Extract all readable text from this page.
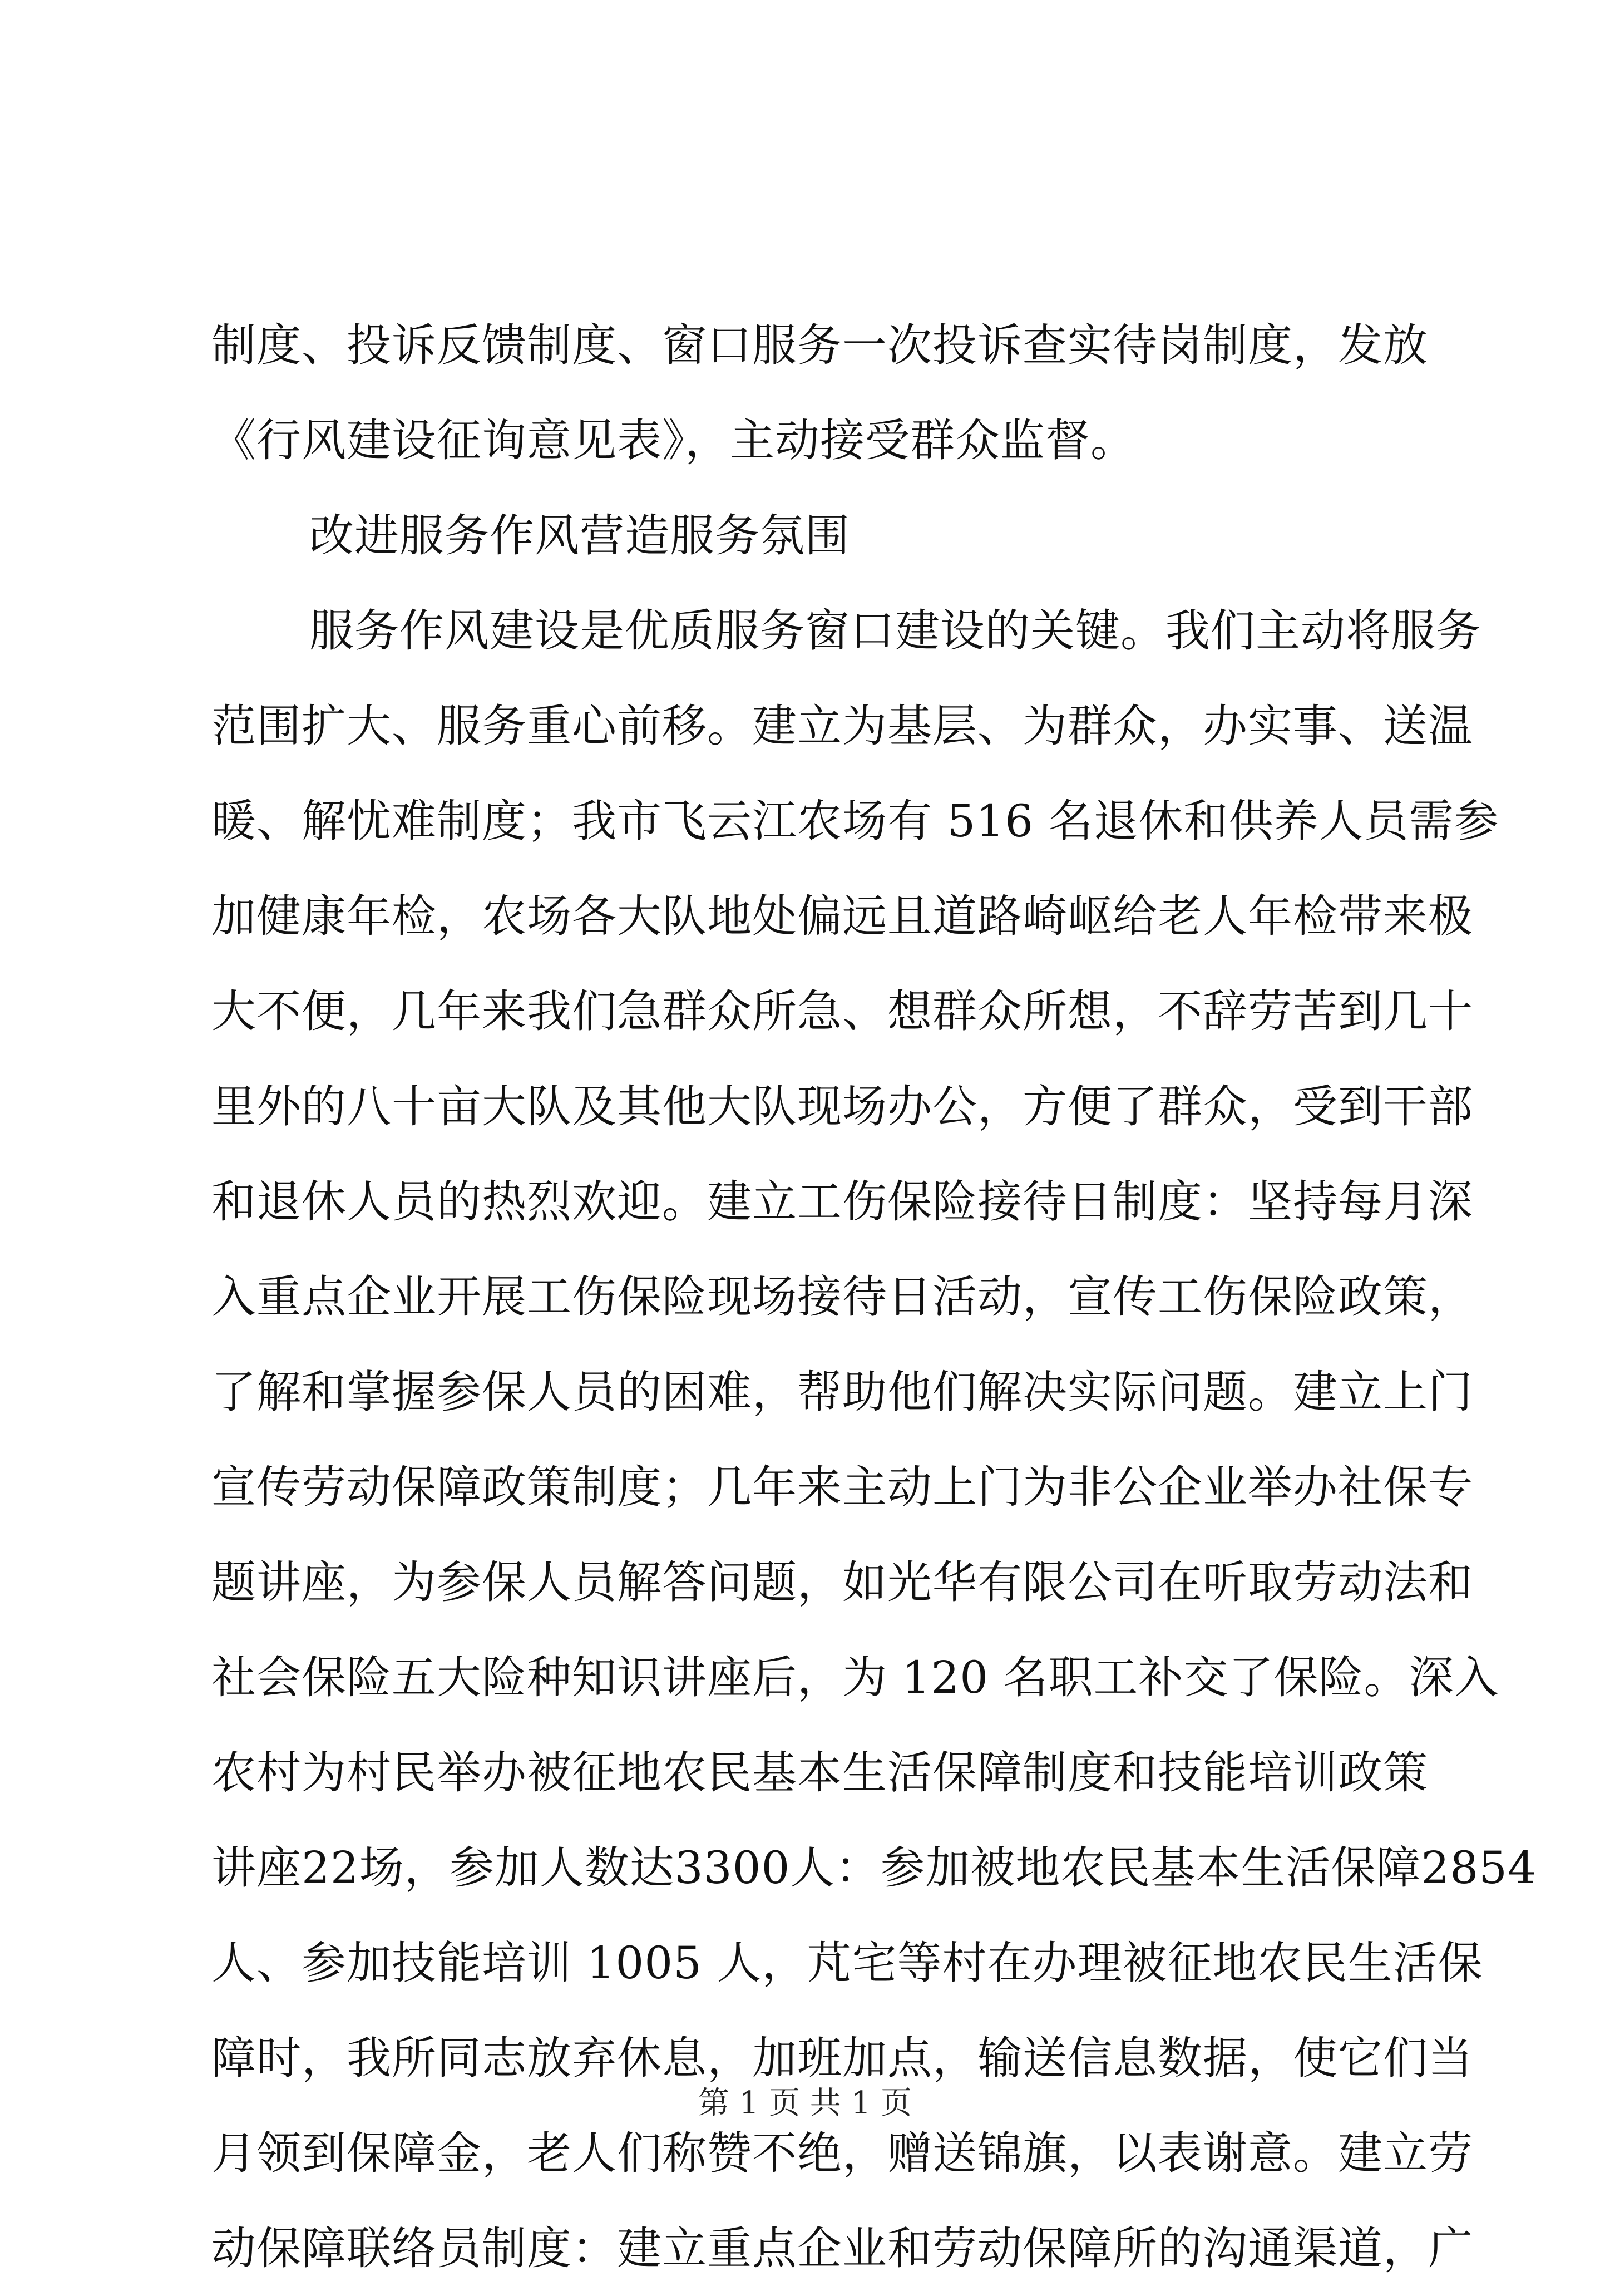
制度、投诉反馈制度、窗口服务一次投诉查实待岗制度，发放
《行风建设征询意见表》，主动接受群众监督。
改进服务作风营造服务氛围
服务作风建设是优质服务窗口建设的关键。我们主动将服务
范围扩大、服务重心前移。建立为基层、为群众，办实事、送温
暖、解忧难制度；我市飞云江农场有 516 名退休和供养人员需参
加健康年检，农场各大队地处偏远且道路崎岖给老人年检带来极
大不便，几年来我们急群众所急、想群众所想，不辞劳苦到几十
里外的八十亩大队及其他大队现场办公，方便了群众，受到干部
和退休人员的热烈欢迎。建立工伤保险接待日制度：坚持每月深
入重点企业开展工伤保险现场接待日活动，宣传工伤保险政策，
了解和掌握参保人员的困难，帮助他们解决实际问题。建立上门
宣传劳动保障政策制度；几年来主动上门为非公企业举办社保专
题讲座，为参保人员解答问题，如光华有限公司在听取劳动法和
社会保险五大险种知识讲座后，为 120 名职工补交了保险。深入
农村为村民举办被征地农民基本生活保障制度和技能培训政策
讲座22场，参加人数达3300人：参加被地农民基本生活保障2854
人、参加技能培训 1005 人，芃宅等村在办理被征地农民生活保
障时，我所同志放弃休息，加班加点，输送信息数据，使它们当
月领到保障金，老人们称赞不绝，赠送锦旗，以表谢意。建立劳
动保障联络员制度：建立重点企业和劳动保障所的沟通渠道，广
第 1 页 共 1 页
